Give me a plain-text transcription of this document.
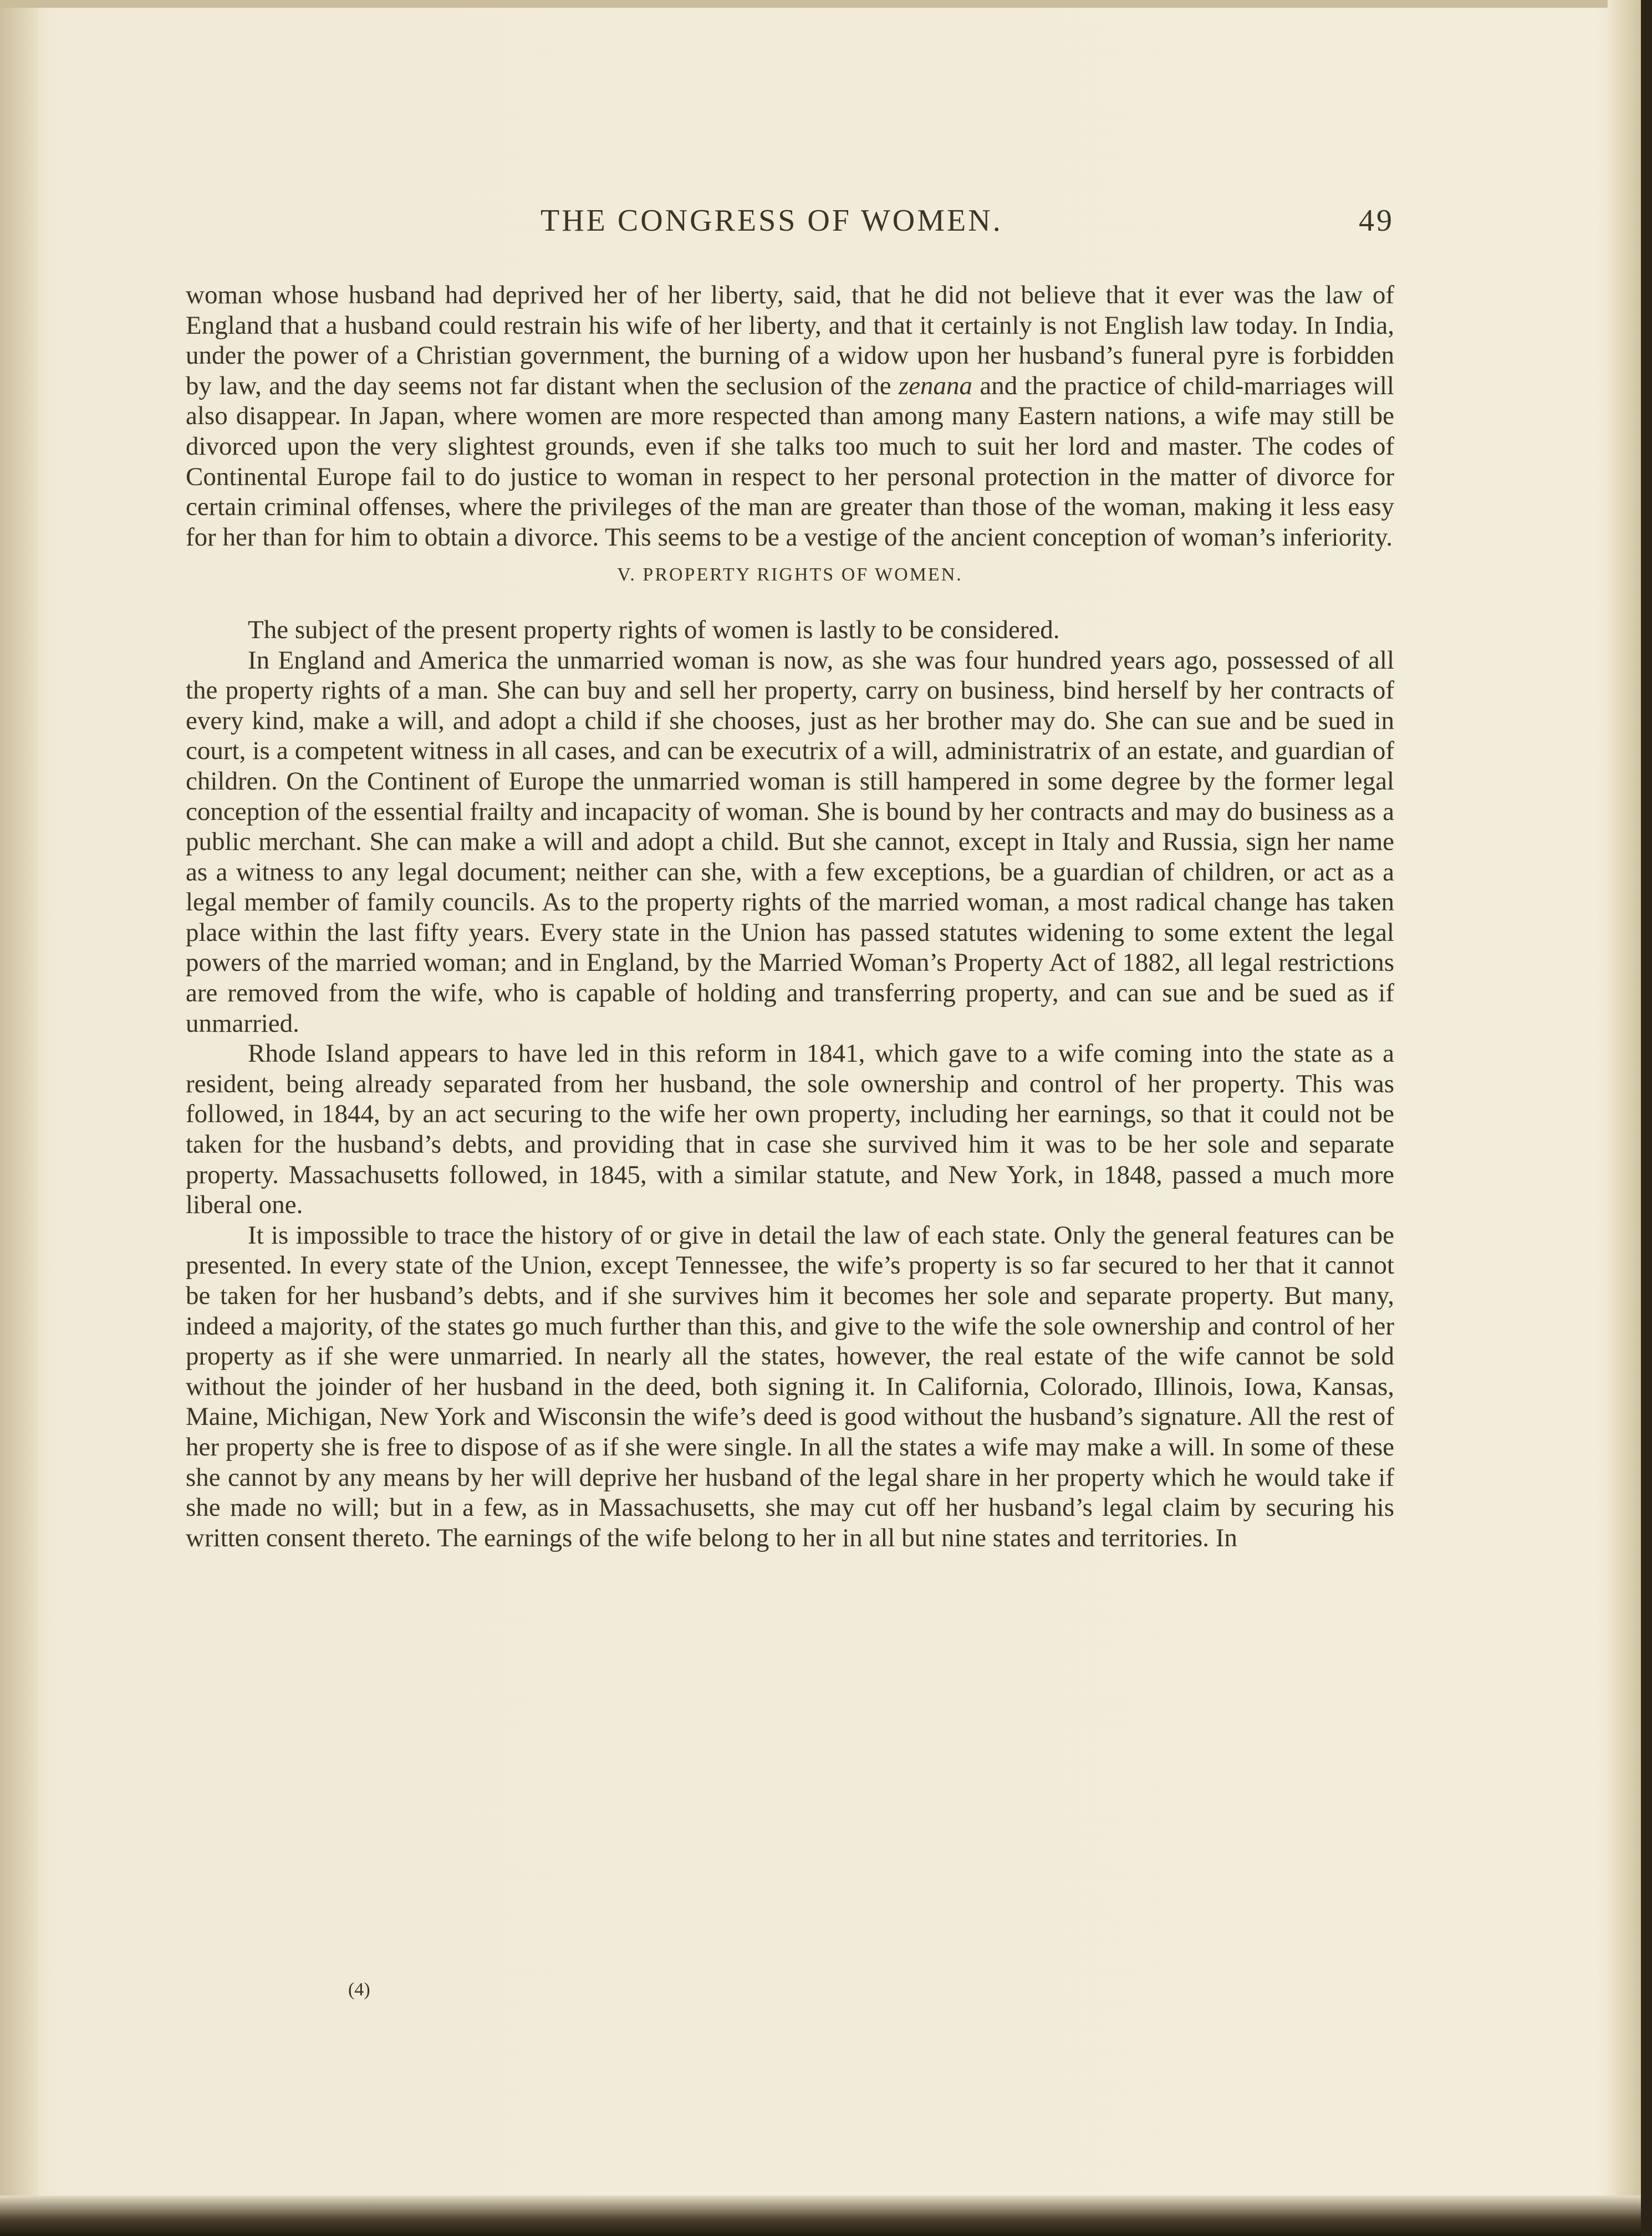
THE CONGRESS OF WOMEN.	49

woman whose husband had deprived her of her liberty, said, that he did not believe that it ever was the law of England that a husband could restrain his wife of her liberty, and that it certainly is not English law today. In India, under the power of a Christian government, the burning of a widow upon her husband’s funeral pyre is forbidden by law, and the day seems not far distant when the seclusion of the zenana and the practice of child-marriages will also disappear. In Japan, where women are more respected than among many Eastern nations, a wife may still be divorced upon the very slightest grounds, even if she talks too much to suit her lord and master. The codes of Continental Europe fail to do justice to woman in respect to her personal protection in the matter of divorce for certain criminal offenses, where the privileges of the man are greater than those of the woman, making it less easy for her than for him to obtain a divorce. This seems to be a vestige of the ancient conception of woman’s inferiority.

V. PROPERTY RIGHTS OF WOMEN.

The subject of the present property rights of women is lastly to be considered.

In England and America the unmarried woman is now, as she was four hundred years ago, possessed of all the property rights of a man. She can buy and sell her property, carry on business, bind herself by her contracts of every kind, make a will, and adopt a child if she chooses, just as her brother may do. She can sue and be sued in court, is a competent witness in all cases, and can be executrix of a will, administratrix of an estate, and guardian of children. On the Continent of Europe the unmarried woman is still hampered in some degree by the former legal conception of the essential frailty and incapacity of woman. She is bound by her contracts and may do business as a public merchant. She can make a will and adopt a child. But she cannot, except in Italy and Russia, sign her name as a witness to any legal document; neither can she, with a few exceptions, be a guardian of children, or act as a legal member of family councils. As to the property rights of the married woman, a most radical change has taken place within the last fifty years. Every state in the Union has passed statutes widening to some extent the legal powers of the married woman; and in England, by the Married Woman’s Property Act of 1882, all legal restrictions are removed from the wife, who is capable of holding and transferring property, and can sue and be sued as if unmarried.

Rhode Island appears to have led in this reform in 1841, which gave to a wife coming into the state as a resident, being already separated from her husband, the sole ownership and control of her property. This was followed, in 1844, by an act securing to the wife her own property, including her earnings, so that it could not be taken for the husband’s debts, and providing that in case she survived him it was to be her sole and separate property. Massachusetts followed, in 1845, with a similar statute, and New York, in 1848, passed a much more liberal one.

It is impossible to trace the history of or give in detail the law of each state. Only the general features can be presented. In every state of the Union, except Tennessee, the wife’s property is so far secured to her that it cannot be taken for her husband’s debts, and if she survives him it becomes her sole and separate property. But many, indeed a majority, of the states go much further than this, and give to the wife the sole ownership and control of her property as if she were unmarried. In nearly all the states, however, the real estate of the wife cannot be sold without the joinder of her husband in the deed, both signing it. In California, Colorado, Illinois, Iowa, Kansas, Maine, Michigan, New York and Wisconsin the wife’s deed is good without the husband’s signature. All the rest of her property she is free to dispose of as if she were single. In all the states a wife may make a will. In some of these she cannot by any means by her will deprive her husband of the legal share in her property which he would take if she made no will; but in a few, as in Massachusetts, she may cut off her husband’s legal claim by securing his written consent thereto. The earnings of the wife belong to her in all but nine states and territories. In

(4)
